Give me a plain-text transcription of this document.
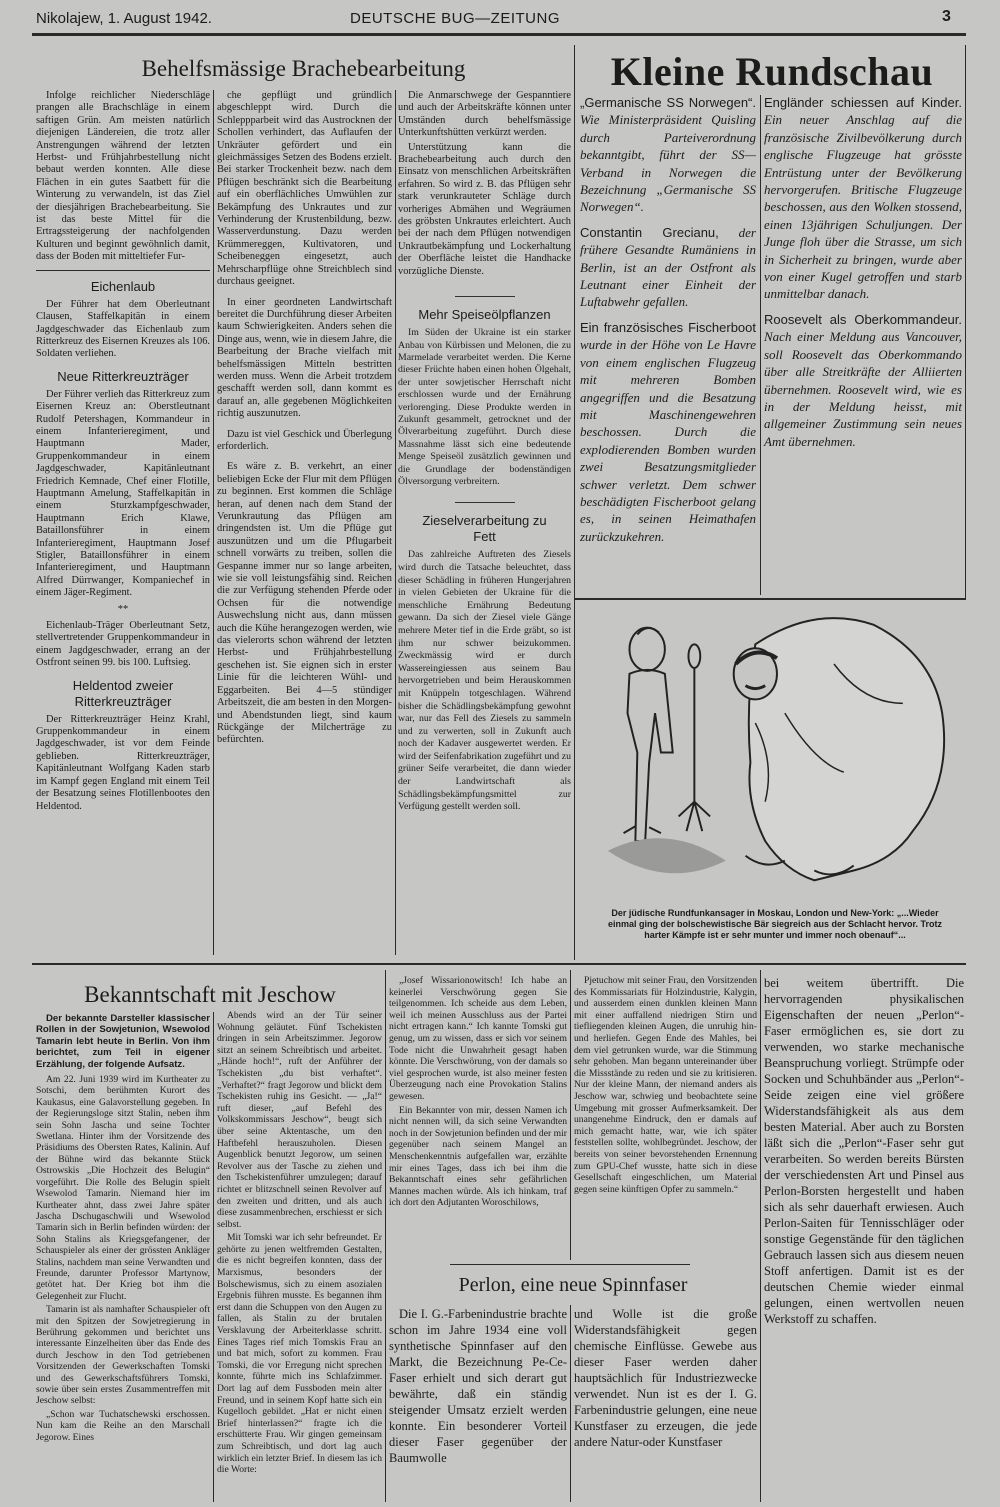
Nikolajew, 1. August 1942.	DEUTSCHE BUG—ZEITUNG	3
Behelfsmässige Brachebearbeitung

Infolge reichlicher Niederschläge prangen alle Brachschläge in einem saftigen Grün. Am meisten natürlich diejenigen Ländereien, die trotz aller Anstrengungen während der letzten Herbst- und Frühjahrbestellung nicht bebaut werden konnten. Alle diese Flächen in ein gutes Saatbett für die Winterung zu verwandeln, ist das Ziel der diesjährigen Brachebearbeitung. Sie ist das beste Mittel für die Ertragssteigerung der nachfolgenden Kulturen und beginnt gewöhnlich damit, dass der Boden mit mitteltiefer Fur-

Eichenlaub

Der Führer hat dem Oberleutnant Clausen, Staffelkapitän in einem Jagdgeschwader das Eichenlaub zum Ritterkreuz des Eisernen Kreuzes als 106. Soldaten verliehen.

Neue Ritterkreuzträger

Der Führer verlieh das Ritterkreuz zum Eisernen Kreuz an: Oberstleutnant Rudolf Petershagen, Kommandeur in einem Infanterieregiment, und Hauptmann Mader, Gruppenkommandeur in einem Jagdgeschwader, Kapitänleutnant Friedrich Kemnade, Chef einer Flotille, Hauptmann Amelung, Staffelkapitän in einem Sturzkampfgeschwader, Hauptmann Erich Klawe, Bataillonsführer in einem Infanterieregiment, Hauptmann Josef Stigler, Bataillonsführer in einem Infanterieregiment, und Hauptmann Alfred Dürrwanger, Kompaniechef in einem Jäger-Regiment.

**

Eichenlaub-Träger Oberleutnant Setz, stellvertretender Gruppenkommandeur in einem Jagdgeschwader, errang an der Ostfront seinen 99. bis 100. Luftsieg.

Heldentod zweier Ritterkreuzträger

Der Ritterkreuzträger Heinz Krahl, Gruppenkommandeur in einem Jagdgeschwader, ist vor dem Feinde geblieben. Ritterkreuzträger, Kapitänleutnant Wolfgang Kaden starb im Kampf gegen England mit einem Teil der Besatzung seines Flotillenbootes den Heldentod.

che gepflügt und gründlich abgeschleppt wird. Durch die Schleppparbeit wird das Austrocknen der Schollen verhindert, das Auflaufen der Unkräuter gefördert und ein gleichmässiges Setzen des Bodens erzielt. Bei starker Trockenheit bezw. nach dem Pflügen beschränkt sich die Bearbeitung auf ein oberflächliches Umwühlen zur Bekämpfung des Unkrautes und zur Verhinderung der Krustenbildung, bezw. Wasserverdunstung. Dazu werden Krümmereggen, Kultivatoren, und Scheibeneggen eingesetzt, auch Mehrscharpflüge ohne Streichblech sind durchaus geeignet.

In einer geordneten Landwirtschaft bereitet die Durchführung dieser Arbeiten kaum Schwierigkeiten. Anders sehen die Dinge aus, wenn, wie in diesem Jahre, die Bearbeitung der Brache vielfach mit behelfsmässigen Mitteln bestritten werden muss. Wenn die Arbeit trotzdem geschafft werden soll, dann kommt es darauf an, alle gegebenen Möglichkeiten richtig auszunutzen.

Dazu ist viel Geschick und Überlegung erforderlich.

Es wäre z. B. verkehrt, an einer beliebigen Ecke der Flur mit dem Pflügen zu beginnen. Erst kommen die Schläge heran, auf denen nach dem Stand der Verunkrautung das Pflügen am dringendsten ist. Um die Pflüge gut auszunützen und um die Pflugarbeit schnell vorwärts zu treiben, sollen die Gespanne immer nur so lange arbeiten, wie sie voll leistungsfähig sind. Reichen die zur Verfügung stehenden Pferde oder Ochsen für die notwendige Auswechslung nicht aus, dann müssen auch die Kühe herangezogen werden, wie das vielerorts schon während der letzten Herbst- und Frühjahrbestellung geschehen ist. Sie eignen sich in erster Linie für die leichteren Wühl- und Eggarbeiten. Bei 4—5 stündiger Arbeitszeit, die am besten in den Morgen- und Abendstunden liegt, sind kaum Rückgänge der Milcherträge zu befürchten.

Die Anmarschwege der Gespanntiere und auch der Arbeitskräfte können unter Umständen durch behelfsmässige Unterkunftshütten verkürzt werden.

Unterstützung kann die Brachebearbeitung auch durch den Einsatz von menschlichen Arbeitskräften erfahren. So wird z. B. das Pflügen sehr stark verunkrauteter Schläge durch vorheriges Abmähen und Wegräumen des gröbsten Unkrautes erleichtert. Auch bei der nach dem Pflügen notwendigen Unkrautbekämpfung und Lockerhaltung der Oberfläche leistet die Handhacke vorzügliche Dienste.

Mehr Speiseölpflanzen

Im Süden der Ukraine ist ein starker Anbau von Kürbissen und Melonen, die zu Marmelade verarbeitet werden. Die Kerne dieser Früchte haben einen hohen Ölgehalt, der unter sowjetischer Herrschaft nicht erschlossen wurde und der Ernährung verlorenging. Diese Produkte werden in Zukunft gesammelt, getrocknet und der Ölverarbeitung zugeführt. Durch diese Massnahme lässt sich eine bedeutende Menge Speiseöl zusätzlich gewinnen und die Grundlage der bodenständigen Ölversorgung verbreitern.

Zieselverarbeitung zu Fett

Das zahlreiche Auftreten des Ziesels wird durch die Tatsache beleuchtet, dass dieser Schädling in früheren Hungerjahren in vielen Gebieten der Ukraine für die menschliche Ernährung Bedeutung gewann. Da sich der Ziesel viele Gänge mehrere Meter tief in die Erde gräbt, so ist ihm nur schwer beizukommen. Zweckmässig wird er durch Wassereingiessen aus seinem Bau hervorgetrieben und beim Herauskommen mit Knüppeln totgeschlagen. Während bisher die Schädlingsbekämpfung gewohnt war, nur das Fell des Ziesels zu sammeln und zu verwerten, soll in Zukunft auch noch der Kadaver ausgewertet werden. Er wird der Seifenfabrikation zugeführt und zu grüner Seife verarbeitet, die dann wieder der Landwirtschaft als Schädlingsbekämpfungsmittel zur Verfügung gestellt werden soll.

Kleine Rundschau

„Germanische SS Norwegen“. Wie Ministerpräsident Quisling durch Parteiverordnung bekanntgibt, führt der SS—Verband in Norwegen die Bezeichnung „Germanische SS Norwegen“.

Constantin Grecianu, der frühere Gesandte Rumäniens in Berlin, ist an der Ostfront als Leutnant einer Einheit der Luftabwehr gefallen.

Ein französisches Fischerboot wurde in der Höhe von Le Havre von einem englischen Flugzeug mit mehreren Bomben angegriffen und die Besatzung mit Maschinengewehren beschossen. Durch die explodierenden Bomben wurden zwei Besatzungsmitglieder schwer verletzt. Dem schwer beschädigten Fischerboot gelang es, in seinen Heimathafen zurückzukehren.

Engländer schiessen auf Kinder. Ein neuer Anschlag auf die französische Zivilbevölkerung durch englische Flugzeuge hat grösste Entrüstung unter der Bevölkerung hervorgerufen. Britische Flugzeuge beschossen, aus den Wolken stossend, einen 13jährigen Schuljungen. Der Junge floh über die Strasse, um sich in Sicherheit zu bringen, wurde aber von einer Kugel getroffen und starb unmittelbar danach.

Roosevelt als Oberkommandeur. Nach einer Meldung aus Vancouver, soll Roosevelt das Oberkommando über alle Streitkräfte der Alliierten übernehmen. Roosevelt wird, wie es in der Meldung heisst, mit allgemeiner Zustimmung sein neues Amt übernehmen.

Der jüdische Rundfunkansager in Moskau, London und New-York: „...Wieder einmal ging der bolschewistische Bär siegreich aus der Schlacht hervor. Trotz harter Kämpfe ist er sehr munter und immer noch obenauf“...
Bekanntschaft mit Jeschow

Der bekannte Darsteller klassischer Rollen in der Sowjetunion, Wsewolod Tamarin lebt heute in Berlin. Von ihm berichtet, zum Teil in eigener Erzählung, der folgende Aufsatz.

Am 22. Juni 1939 wird im Kurtheater zu Sotschi, dem berühmten Kurort des Kaukasus, eine Galavorstellung gegeben. In der Regierungsloge sitzt Stalin, neben ihm sein Sohn Jascha und seine Tochter Swetlana. Hinter ihm der Vorsitzende des Präsidiums des Obersten Rates, Kalinin. Auf der Bühne wird das bekannte Stück Ostrowskis „Die Hochzeit des Belugin“ vorgeführt. Die Rolle des Belugin spielt Wsewolod Tamarin. Niemand hier im Kurtheater ahnt, dass zwei Jahre später Jascha Dschugaschwili und Wsewolod Tamarin sich in Berlin befinden würden: der Sohn Stalins als Kriegsgefangener, der Schauspieler als einer der grössten Ankläger Stalins, nachdem man seine Verwandten und Freunde, darunter Professor Martynow, getötet hat. Der Krieg bot ihm die Gelegenheit zur Flucht.

Tamarin ist als namhafter Schauspieler oft mit den Spitzen der Sowjetregierung in Berührung gekommen und berichtet uns interessante Einzelheiten über das Ende des durch Jeschow in den Tod getriebenen Vorsitzenden der Gewerkschaften Tomski und des Gewerkschaftsführers Tomski, sowie über sein erstes Zusammentreffen mit Jeschow selbst:

„Schon war Tuchatschewski erschossen. Nun kam die Reihe an den Marschall Jegorow. Eines

Abends wird an der Tür seiner Wohnung geläutet. Fünf Tschekisten dringen in sein Arbeitszimmer. Jegorow sitzt an seinem Schreibtisch und arbeitet. „Hände hoch!“, ruft der Anführer der Tschekisten „du bist verhaftet“. „Verhaftet?“ fragt Jegorow und blickt dem Tschekisten ruhig ins Gesicht. — „Ja!“ ruft dieser, „auf Befehl des Volkskommissars Jeschow“, beugt sich über seine Aktentasche, um den Haftbefehl herauszuholen. Diesen Augenblick benutzt Jegorow, um seinen Revolver aus der Tasche zu ziehen und den Tschekistenführer umzulegen; darauf richtet er blitzschnell seinen Revolver auf den zweiten und dritten, und als auch diese zusammenbrechen, erschiesst er sich selbst.

Mit Tomski war ich sehr befreundet. Er gehörte zu jenen weltfremden Gestalten, die es nicht begreifen konnten, dass der Marxismus, besonders der Bolschewismus, sich zu einem asozialen Ergebnis führen musste. Es begannen ihm erst dann die Schuppen von den Augen zu fallen, als Stalin zu der brutalen Versklavung der Arbeiterklasse schritt. Eines Tages rief mich Tomskis Frau an und bat mich, sofort zu kommen. Frau Tomski, die vor Erregung nicht sprechen konnte, führte mich ins Schlafzimmer. Dort lag auf dem Fussboden mein alter Freund, und in seinem Kopf hatte sich ein Kugelloch gebildet. „Hat er nicht einen Brief hinterlassen?“ fragte ich die erschütterte Frau. Wir gingen gemeinsam zum Schreibtisch, und dort lag auch wirklich ein letzter Brief. In diesem las ich die Worte:

„Josef Wissarionowitsch! Ich habe an keinerlei Verschwörung gegen Sie teilgenommen. Ich scheide aus dem Leben, weil ich meinen Ausschluss aus der Partei nicht ertragen kann.“ Ich kannte Tomski gut genug, um zu wissen, dass er sich vor seinem Tode nicht die Unwahrheit gesagt haben könnte. Die Verschwörung, von der damals so viel gesprochen wurde, ist also meiner festen Überzeugung nach eine Provokation Stalins gewesen.

Ein Bekannter von mir, dessen Namen ich nicht nennen will, da sich seine Verwandten noch in der Sowjetunion befinden und der mir gegenüber nach seinem Mangel an Menschenkenntnis aufgefallen war, erzählte mir eines Tages, dass ich bei ihm die Bekanntschaft eines sehr gefährlichen Mannes machen würde. Als ich hinkam, traf ich dort den Adjutanten Woroschilows,

Pjetuchow mit seiner Frau, den Vorsitzenden des Kommissariats für Holzindustrie, Kalygin, und ausserdem einen dunklen kleinen Mann mit einer auffallend niedrigen Stirn und tiefliegenden kleinen Augen, die unruhig hin- und herliefen. Gegen Ende des Mahles, bei dem viel getrunken wurde, war die Stimmung sehr gehoben. Man begann untereinander über die Missstände zu reden und sie zu kritisieren. Nur der kleine Mann, der niemand anders als Jeschow war, schwieg und beobachtete seine Umgebung mit grosser Aufmerksamkeit. Der unangenehme Eindruck, den er damals auf mich gemacht hatte, war, wie ich später feststellen sollte, wohlbegründet. Jeschow, der bereits von seiner bevorstehenden Ernennung zum GPU-Chef wusste, hatte sich in diese Gesellschaft eingeschlichen, um Material gegen seine künftigen Opfer zu sammeln.“

Perlon, eine neue Spinnfaser

Die I. G.-Farbenindustrie brachte schon im Jahre 1934 eine voll synthetische Spinnfaser auf den Markt, die Bezeichnung Pe-Ce-Faser erhielt und sich derart gut bewährte, daß ein ständig steigender Umsatz erzielt werden konnte. Ein besonderer Vorteil dieser Faser gegenüber der Baumwolle

und Wolle ist die große Widerstandsfähigkeit gegen chemische Einflüsse. Gewebe aus dieser Faser werden daher hauptsächlich für Industriezwecke verwendet. Nun ist es der I. G. Farbenindustrie gelungen, eine neue Kunstfaser zu erzeugen, die jede andere Natur-oder Kunstfaser

bei weitem übertrifft. Die hervorragenden physikalischen Eigenschaften der neuen „Perlon“-Faser ermöglichen es, sie dort zu verwenden, wo starke mechanische Beanspruchung vorliegt. Strümpfe oder Socken und Schuhbänder aus „Perlon“-Seide zeigen eine viel größere Widerstandsfähigkeit als aus dem besten Material. Aber auch zu Borsten läßt sich die „Perlon“-Faser sehr gut verarbeiten. So werden bereits Bürsten der verschiedensten Art und Pinsel aus Perlon-Borsten hergestellt und haben sich als sehr dauerhaft erwiesen. Auch Perlon-Saiten für Tennisschläger oder sonstige Gegenstände für den täglichen Gebrauch lassen sich aus diesem neuen Stoff anfertigen. Damit ist es der deutschen Chemie wieder einmal gelungen, einen wertvollen neuen Werkstoff zu schaffen.
